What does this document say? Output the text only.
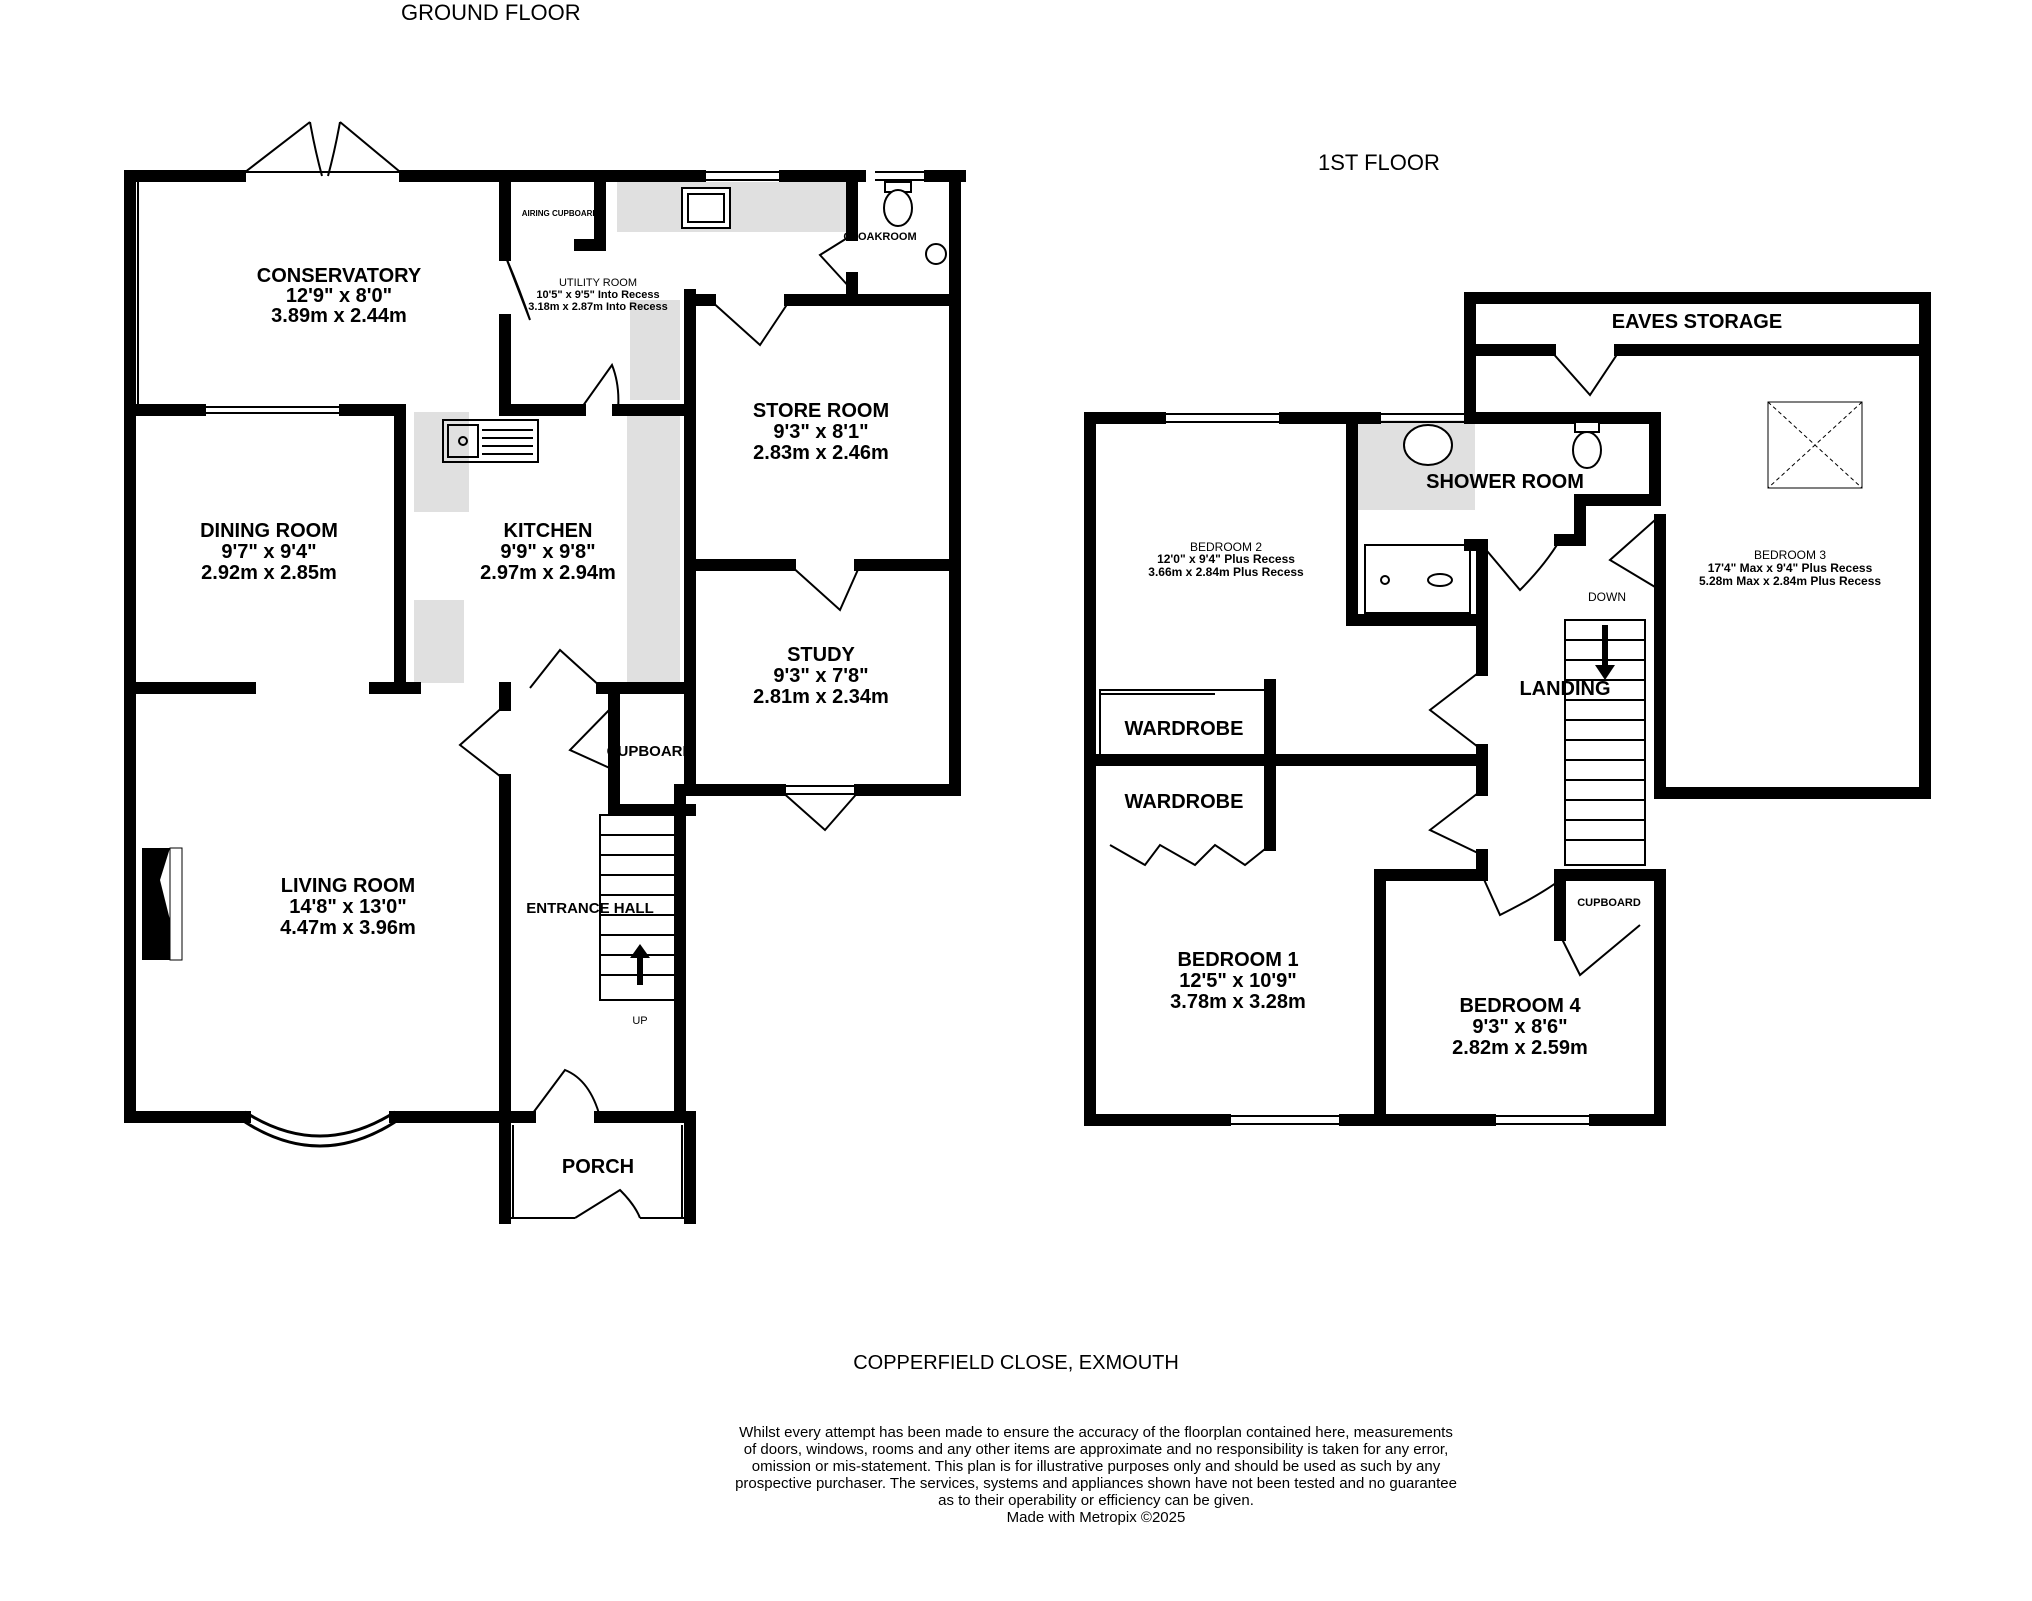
GROUND FLOOR
1ST FLOOR
CONSERVATORY
12'9" x 8'0"
3.89m x 2.44m
AIRING CUPBOARD
CLOAKROOM
UTILITY ROOM
10'5" x 9'5" Into Recess
3.18m x 2.87m Into Recess
STORE ROOM
9'3" x 8'1"
2.83m x 2.46m
DINING ROOM
9'7" x 9'4"
2.92m x 2.85m
KITCHEN
9'9" x 9'8"
2.97m x 2.94m
STUDY
9'3" x 7'8"
2.81m x 2.34m
CUPBOARD
LIVING ROOM
14'8" x 13'0"
4.47m x 3.96m
ENTRANCE HALL
UP
PORCH
EAVES STORAGE
BEDROOM 2
12'0" x 9'4" Plus Recess
3.66m x 2.84m Plus Recess
SHOWER ROOM
BEDROOM 3
17'4" Max x 9'4" Plus Recess
5.28m Max x 2.84m Plus Recess
DOWN
LANDING
WARDROBE
WARDROBE
BEDROOM 1
12'5" x 10'9"
3.78m x 3.28m
CUPBOARD
BEDROOM 4
9'3" x 8'6"
2.82m x 2.59m
COPPERFIELD CLOSE, EXMOUTH
Whilst every attempt has been made to ensure the accuracy of the floorplan contained here, measurements
of doors, windows, rooms and any other items are approximate and no responsibility is taken for any error,
omission or mis-statement. This plan is for illustrative purposes only and should be used as such by any
prospective purchaser. The services, systems and appliances shown have not been tested and no guarantee
as to their operability or efficiency can be given.
Made with Metropix ©2025
